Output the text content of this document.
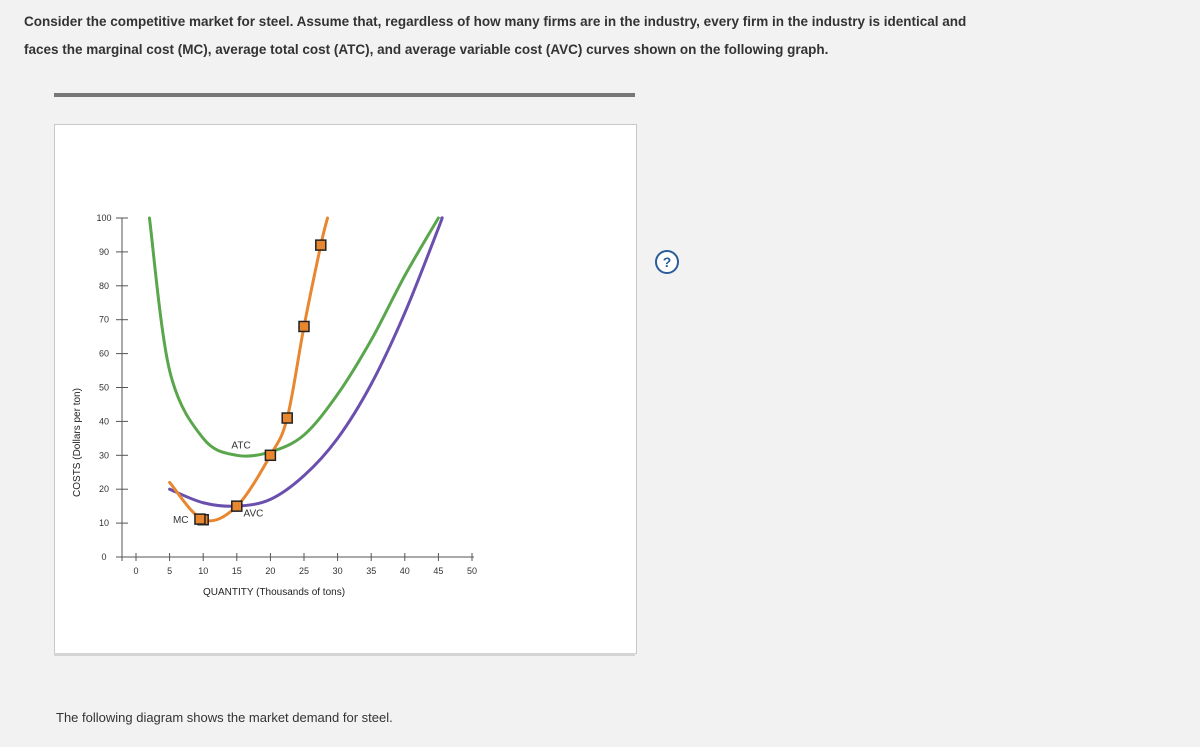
Consider the competitive market for steel. Assume that, regardless of how many firms are in the industry, every firm in the industry is identical and
faces the marginal cost (MC), average total cost (ATC), and average variable cost (AVC) curves shown on the following graph.
?
0
10
20
30
40
50
60
70
80
90
100
0	5	10	15	20	25	30	35	40	45	50
QUANTITY (Thousands of tons)
COSTS (Dollars per ton)
MC
ATC
AVC
The following diagram shows the market demand for steel.
